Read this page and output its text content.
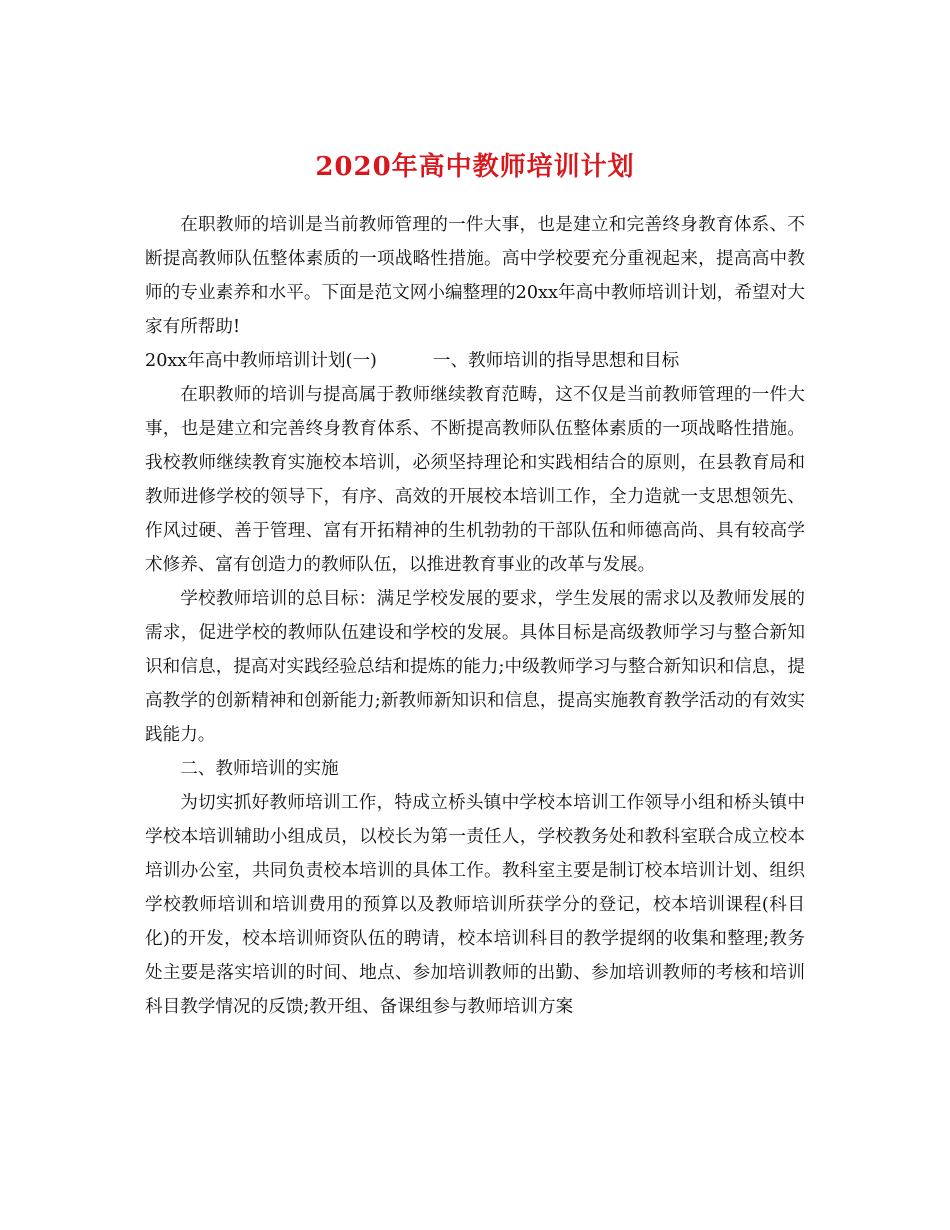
2020年高中教师培训计划

在职教师的培训是当前教师管理的一件大事，也是建立和完善终身教育体系、不断提高教师队伍整体素质的一项战略性措施。高中学校要充分重视起来，提高高中教师的专业素养和水平。下面是范文网小编整理的20xx年高中教师培训计划，希望对大家有所帮助!

20xx年高中教师培训计划(一)	一、教师培训的指导思想和目标

在职教师的培训与提高属于教师继续教育范畴，这不仅是当前教师管理的一件大事，也是建立和完善终身教育体系、不断提高教师队伍整体素质的一项战略性措施。我校教师继续教育实施校本培训，必须坚持理论和实践相结合的原则，在县教育局和教师进修学校的领导下，有序、高效的开展校本培训工作，全力造就一支思想领先、作风过硬、善于管理、富有开拓精神的生机勃勃的干部队伍和师德高尚、具有较高学术修养、富有创造力的教师队伍，以推进教育事业的改革与发展。

学校教师培训的总目标：满足学校发展的要求，学生发展的需求以及教师发展的需求，促进学校的教师队伍建设和学校的发展。具体目标是高级教师学习与整合新知识和信息，提高对实践经验总结和提炼的能力;中级教师学习与整合新知识和信息，提高教学的创新精神和创新能力;新教师新知识和信息，提高实施教育教学活动的有效实践能力。

二、教师培训的实施

为切实抓好教师培训工作，特成立桥头镇中学校本培训工作领导小组和桥头镇中学校本培训辅助小组成员，以校长为第一责任人，学校教务处和教科室联合成立校本培训办公室，共同负责校本培训的具体工作。教科室主要是制订校本培训计划、组织学校教师培训和培训费用的预算以及教师培训所获学分的登记，校本培训课程(科目化)的开发，校本培训师资队伍的聘请，校本培训科目的教学提纲的收集和整理;教务处主要是落实培训的时间、地点、参加培训教师的出勤、参加培训教师的考核和培训科目教学情况的反馈;教开组、备课组参与教师培训方案
